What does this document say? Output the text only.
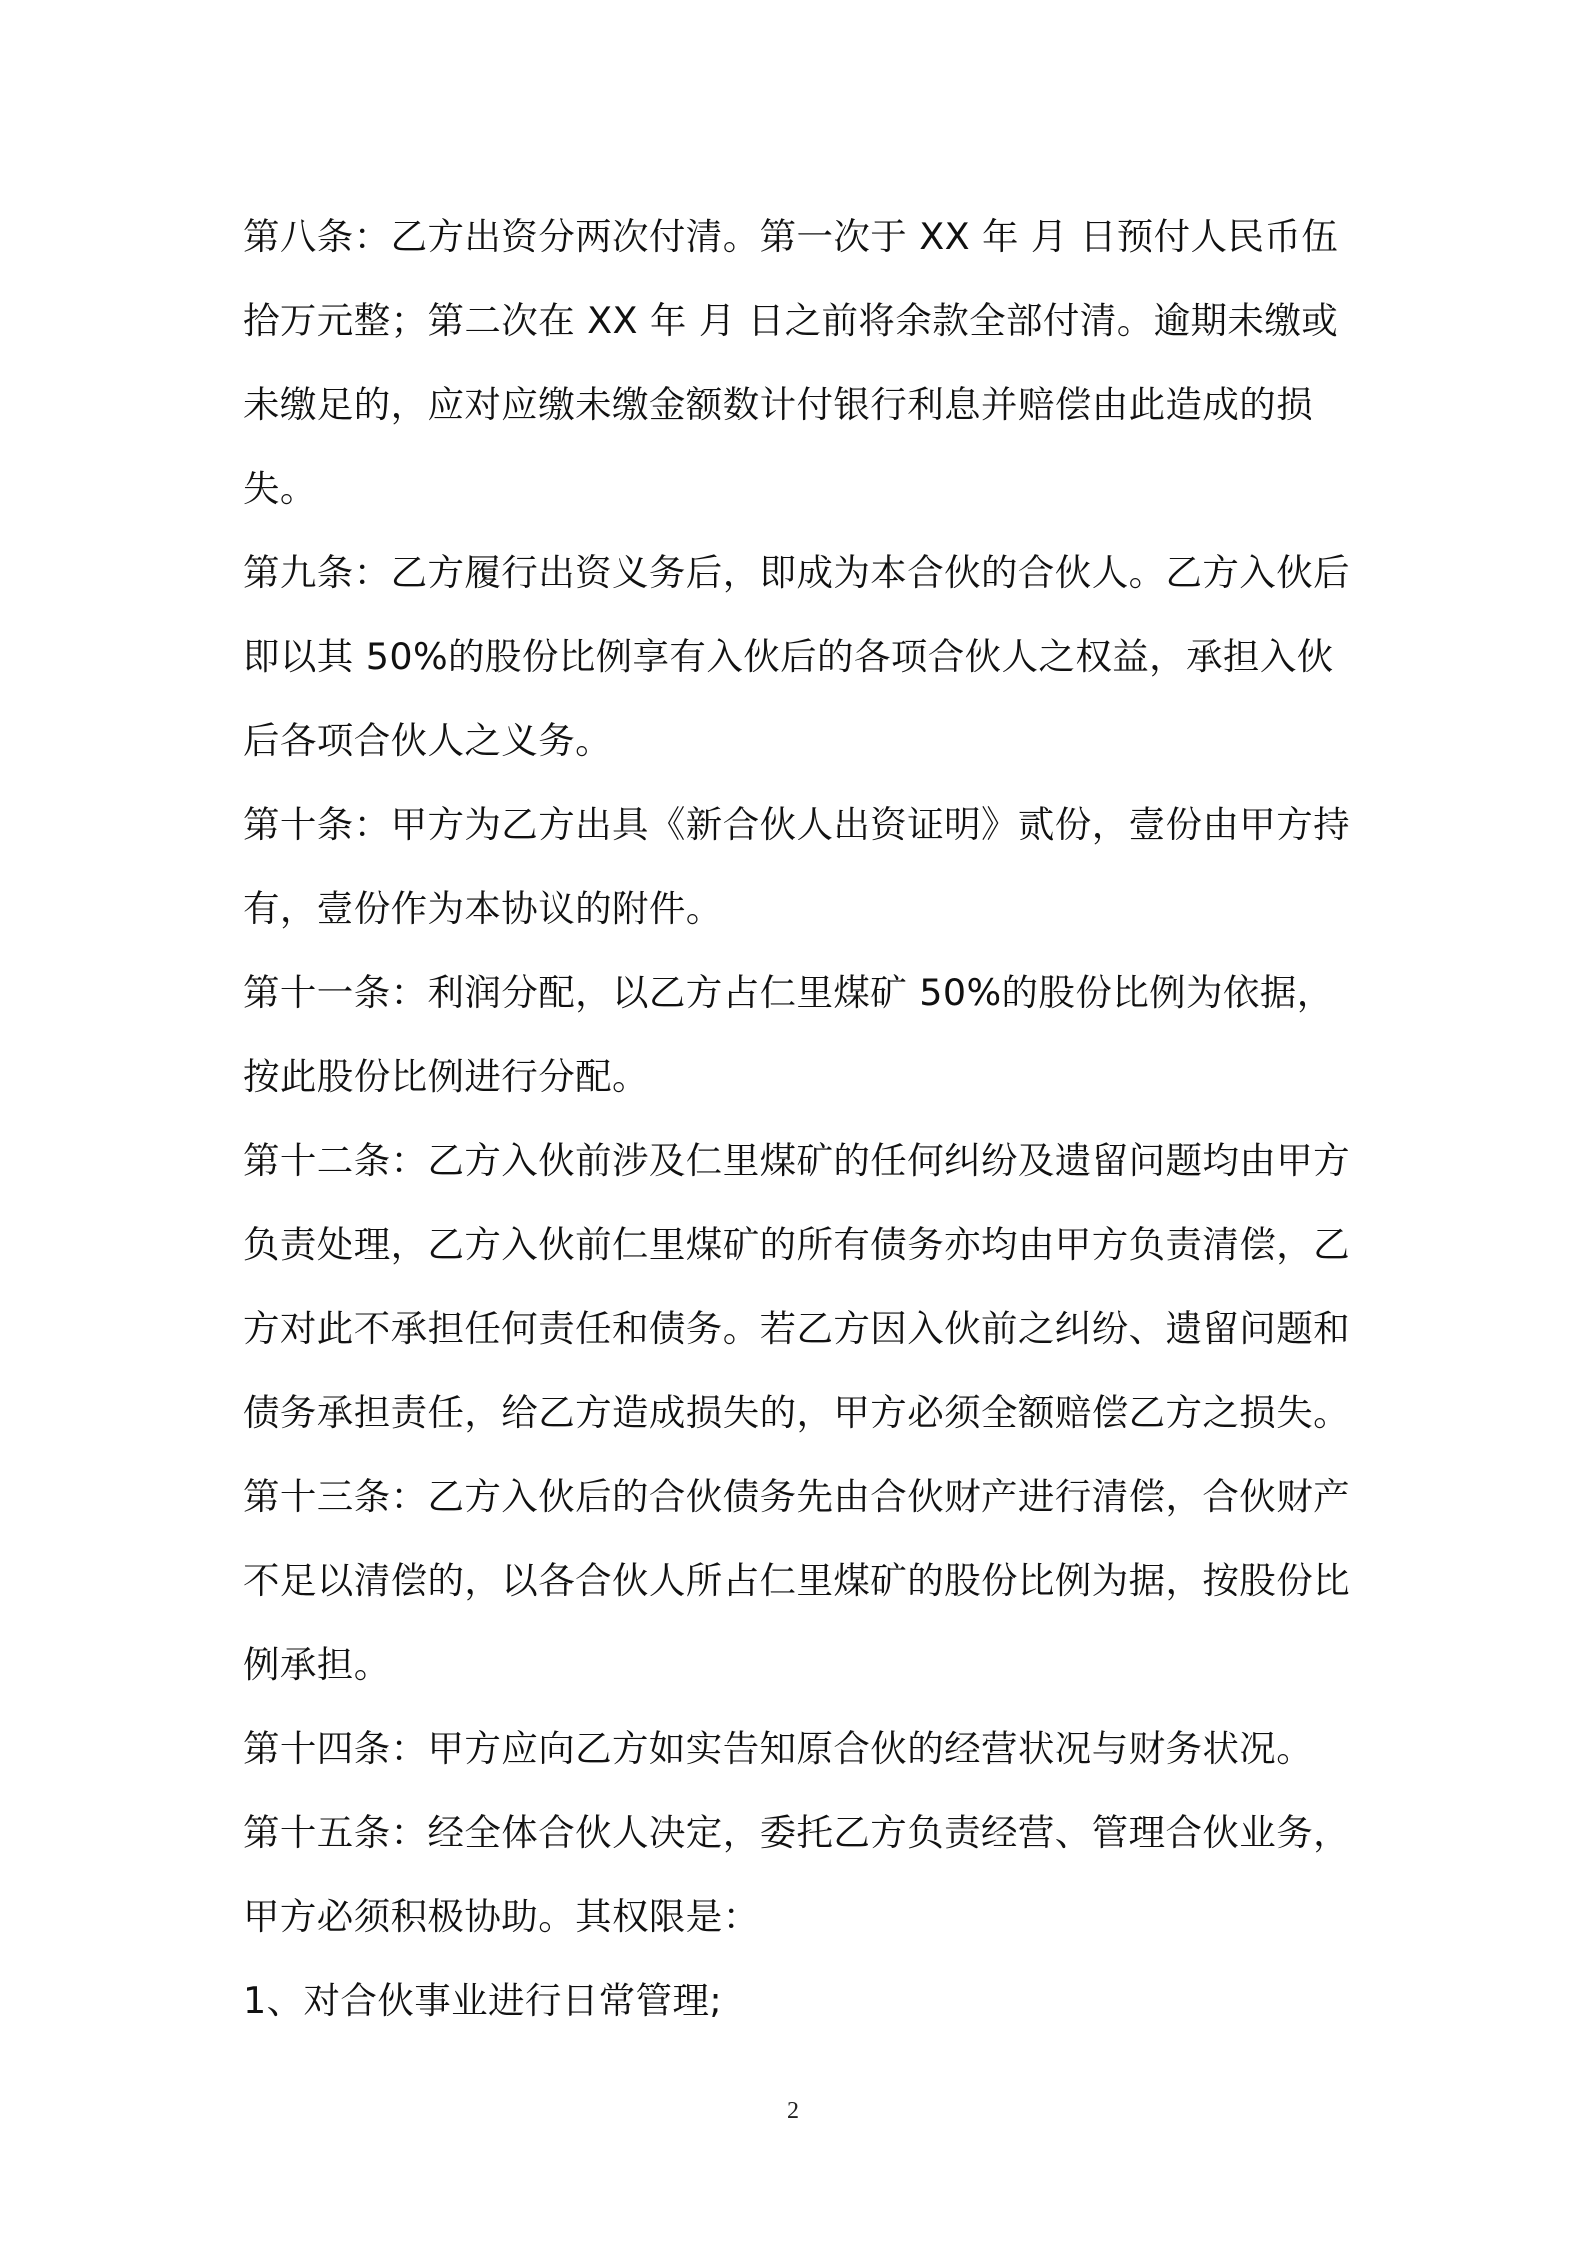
第八条：乙方出资分两次付清。第一次于 XX 年 月 日预付人民币伍
拾万元整；第二次在 XX 年 月 日之前将余款全部付清。逾期未缴或
未缴足的，应对应缴未缴金额数计付银行利息并赔偿由此造成的损
失。
第九条：乙方履行出资义务后，即成为本合伙的合伙人。乙方入伙后
即以其 50%的股份比例享有入伙后的各项合伙人之权益，承担入伙
后各项合伙人之义务。
第十条：甲方为乙方出具《新合伙人出资证明》贰份，壹份由甲方持
有，壹份作为本协议的附件。
第十一条：利润分配，以乙方占仁里煤矿 50%的股份比例为依据，
按此股份比例进行分配。
第十二条：乙方入伙前涉及仁里煤矿的任何纠纷及遗留问题均由甲方
负责处理，乙方入伙前仁里煤矿的所有债务亦均由甲方负责清偿，乙
方对此不承担任何责任和债务。若乙方因入伙前之纠纷、遗留问题和
债务承担责任，给乙方造成损失的，甲方必须全额赔偿乙方之损失。
第十三条：乙方入伙后的合伙债务先由合伙财产进行清偿，合伙财产
不足以清偿的，以各合伙人所占仁里煤矿的股份比例为据，按股份比
例承担。
第十四条：甲方应向乙方如实告知原合伙的经营状况与财务状况。
第十五条：经全体合伙人决定，委托乙方负责经营、管理合伙业务，
甲方必须积极协助。其权限是：
1、对合伙事业进行日常管理;
2
